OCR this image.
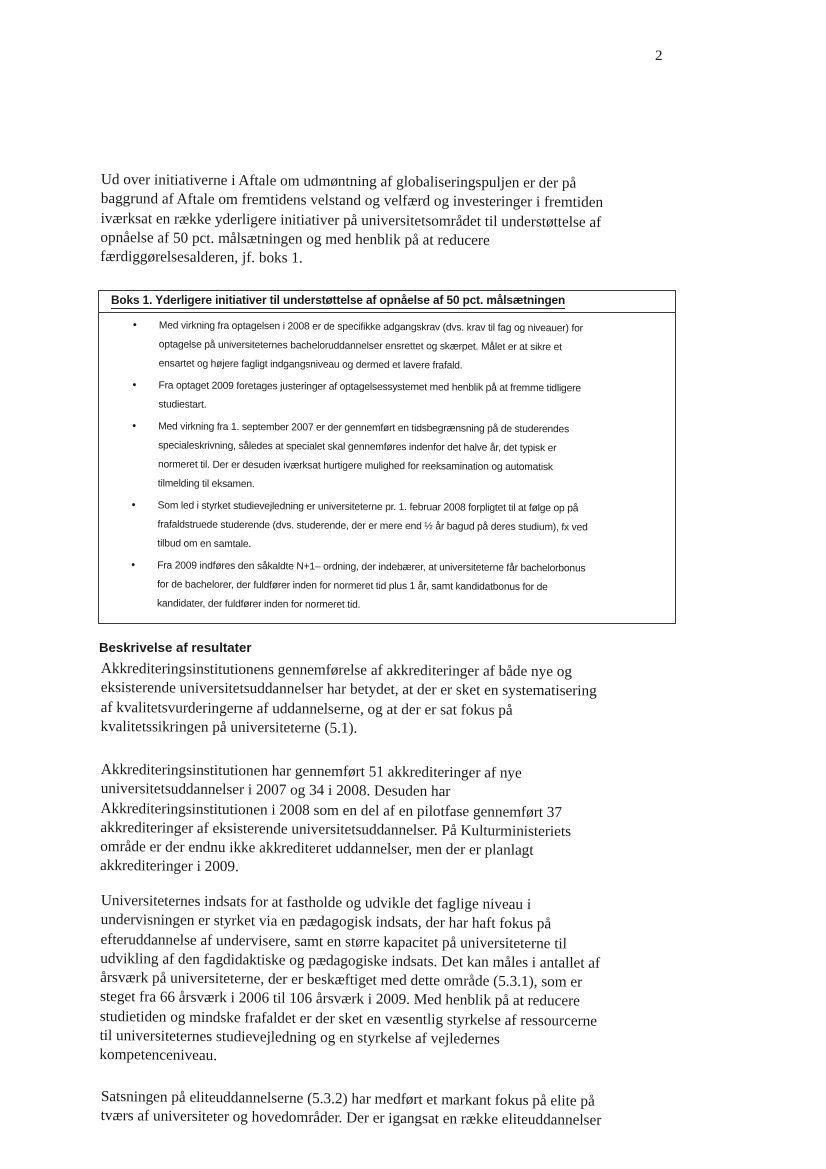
2
Ud over initiativerne i Aftale om udmøntning af globaliseringspuljen er der på
baggrund af Aftale om fremtidens velstand og velfærd og investeringer i fremtiden
iværksat en række yderligere initiativer på universitetsområdet til understøttelse af
opnåelse af 50 pct. målsætningen og med henblik på at reducere
færdiggørelsesalderen, jf. boks 1.
Boks 1. Yderligere initiativer til understøttelse af opnåelse af 50 pct. målsætningen
• Med virkning fra optagelsen i 2008 er de specifikke adgangskrav (dvs. krav til fag og niveauer) for
optagelse på universiteternes bacheloruddannelser ensrettet og skærpet. Målet er at sikre et
ensartet og højere fagligt indgangsniveau og dermed et lavere frafald.
• Fra optaget 2009 foretages justeringer af optagelsessystemet med henblik på at fremme tidligere
studiestart.
• Med virkning fra 1. september 2007 er der gennemført en tidsbegrænsning på de studerendes
specialeskrivning, således at specialet skal gennemføres indenfor det halve år, det typisk er
normeret til. Der er desuden iværksat hurtigere mulighed for reeksamination og automatisk
tilmelding til eksamen.
• Som led i styrket studievejledning er universiteterne pr. 1. februar 2008 forpligtet til at følge op på
frafaldstruede studerende (dvs. studerende, der er mere end ½ år bagud på deres studium), fx ved
tilbud om en samtale.
• Fra 2009 indføres den såkaldte N+1– ordning, der indebærer, at universiteterne får bachelorbonus
for de bachelorer, der fuldfører inden for normeret tid plus 1 år, samt kandidatbonus for de
kandidater, der fuldfører inden for normeret tid.
Beskrivelse af resultater
Akkrediteringsinstitutionens gennemførelse af akkrediteringer af både nye og
eksisterende universitetsuddannelser har betydet, at der er sket en systematisering
af kvalitetsvurderingerne af uddannelserne, og at der er sat fokus på
kvalitetssikringen på universiteterne (5.1).
Akkrediteringsinstitutionen har gennemført 51 akkrediteringer af nye
universitetsuddannelser i 2007 og 34 i 2008. Desuden har
Akkrediteringsinstitutionen i 2008 som en del af en pilotfase gennemført 37
akkrediteringer af eksisterende universitetsuddannelser. På Kulturministeriets
område er der endnu ikke akkrediteret uddannelser, men der er planlagt
akkrediteringer i 2009.
Universiteternes indsats for at fastholde og udvikle det faglige niveau i
undervisningen er styrket via en pædagogisk indsats, der har haft fokus på
efteruddannelse af undervisere, samt en større kapacitet på universiteterne til
udvikling af den fagdidaktiske og pædagogiske indsats. Det kan måles i antallet af
årsværk på universiteterne, der er beskæftiget med dette område (5.3.1), som er
steget fra 66 årsværk i 2006 til 106 årsværk i 2009. Med henblik på at reducere
studietiden og mindske frafaldet er der sket en væsentlig styrkelse af ressourcerne
til universiteternes studievejledning og en styrkelse af vejledernes
kompetenceniveau.
Satsningen på eliteuddannelserne (5.3.2) har medført et markant fokus på elite på
tværs af universiteter og hovedområder. Der er igangsat en række eliteuddannelser
